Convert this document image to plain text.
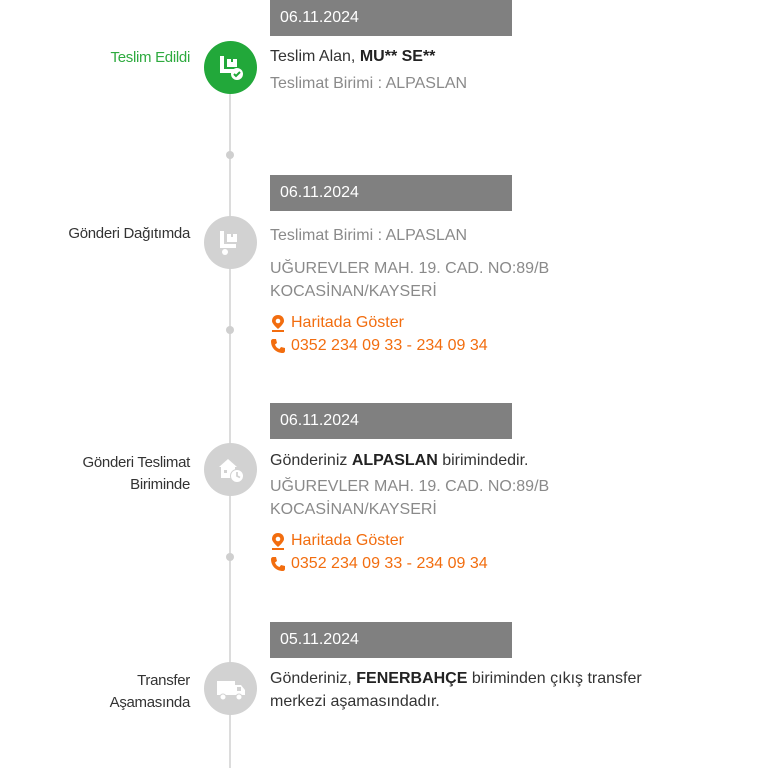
06.11.2024
Teslim Edildi	Teslim Alan, MU** SE**
Teslimat Birimi : ALPASLAN
06.11.2024
Gönderi Dağıtımda	Teslimat Birimi : ALPASLAN
UĞUREVLER MAH. 19. CAD. NO:89/B
KOCASİNAN/KAYSERİ
Haritada Göster
0352 234 09 33 - 234 09 34
06.11.2024
Gönderi Teslimat
Biriminde
Gönderiniz ALPASLAN birimindedir.
UĞUREVLER MAH. 19. CAD. NO:89/B
KOCASİNAN/KAYSERİ
Haritada Göster
0352 234 09 33 - 234 09 34
05.11.2024
Transfer
Aşamasında
Gönderiniz, FENERBAHÇE biriminden çıkış transfer
merkezi aşamasındadır.
